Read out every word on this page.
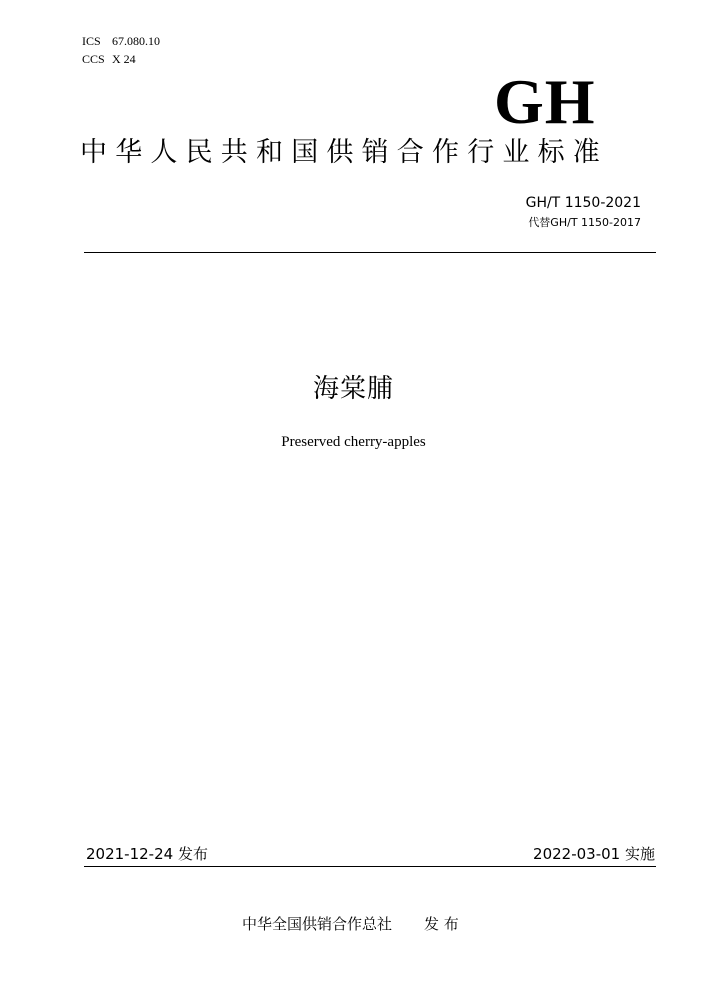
ICS 67.080.10
CCS X 24
GH
中华人民共和国供销合作行业标准
GH/T 1150-2021
代替GH/T 1150-2017
海棠脯
Preserved cherry-apples
2021-12-24 发布	2022-03-01 实施
中华全国供销合作总社 发 布
